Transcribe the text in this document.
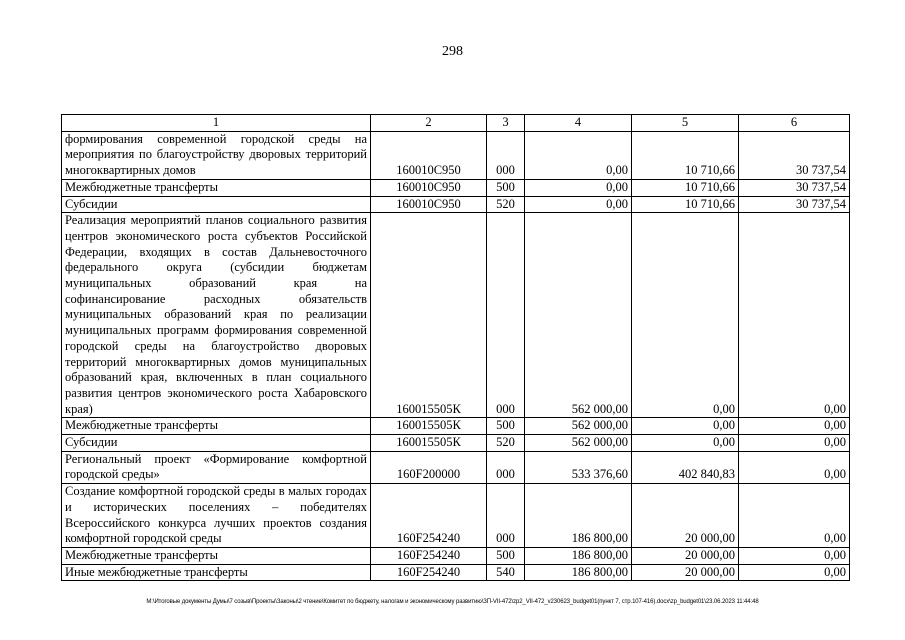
298
1	2	3	4	5	6
формирования современной городской среды на мероприятия по благоустройству дворовых территорий многоквартирных домов	160010С950	000	0,00	10 710,66	30 737,54
Межбюджетные трансферты	160010С950	500	0,00	10 710,66	30 737,54
Субсидии	160010С950	520	0,00	10 710,66	30 737,54
Реализация мероприятий планов социального развития центров экономического роста субъектов Российской Федерации, входящих в состав Дальневосточного федерального округа (субсидии бюджетам муниципальных образований края на софинансирование расходных обязательств муниципальных образований края по реализации муниципальных программ формирования современной городской среды на благоустройство дворовых территорий многоквартирных домов муниципальных образований края, включенных в план социального развития центров экономического роста Хабаровского края)	160015505К	000	562 000,00	0,00	0,00
Межбюджетные трансферты	160015505К	500	562 000,00	0,00	0,00
Субсидии	160015505К	520	562 000,00	0,00	0,00
Региональный проект «Формирование комфортной городской среды»	160F200000	000	533 376,60	402 840,83	0,00
Создание комфортной городской среды в малых городах и исторических поселениях – победителях Всероссийского конкурса лучших проектов создания комфортной городской среды	160F254240	000	186 800,00	20 000,00	0,00
Межбюджетные трансферты	160F254240	500	186 800,00	20 000,00	0,00
Иные межбюджетные трансферты	160F254240	540	186 800,00	20 000,00	0,00
M:\Итоговые документы Думы\7 созыв\Проекты\Законы\2 чтение\Комитет по бюджету, налогам и экономическому развитию\ЗП-VII-472\zp2_VII-472_v230623_budget01(пункт 7, стр.107-416).docx\zp_budget01\23.06.2023 11:44:48
